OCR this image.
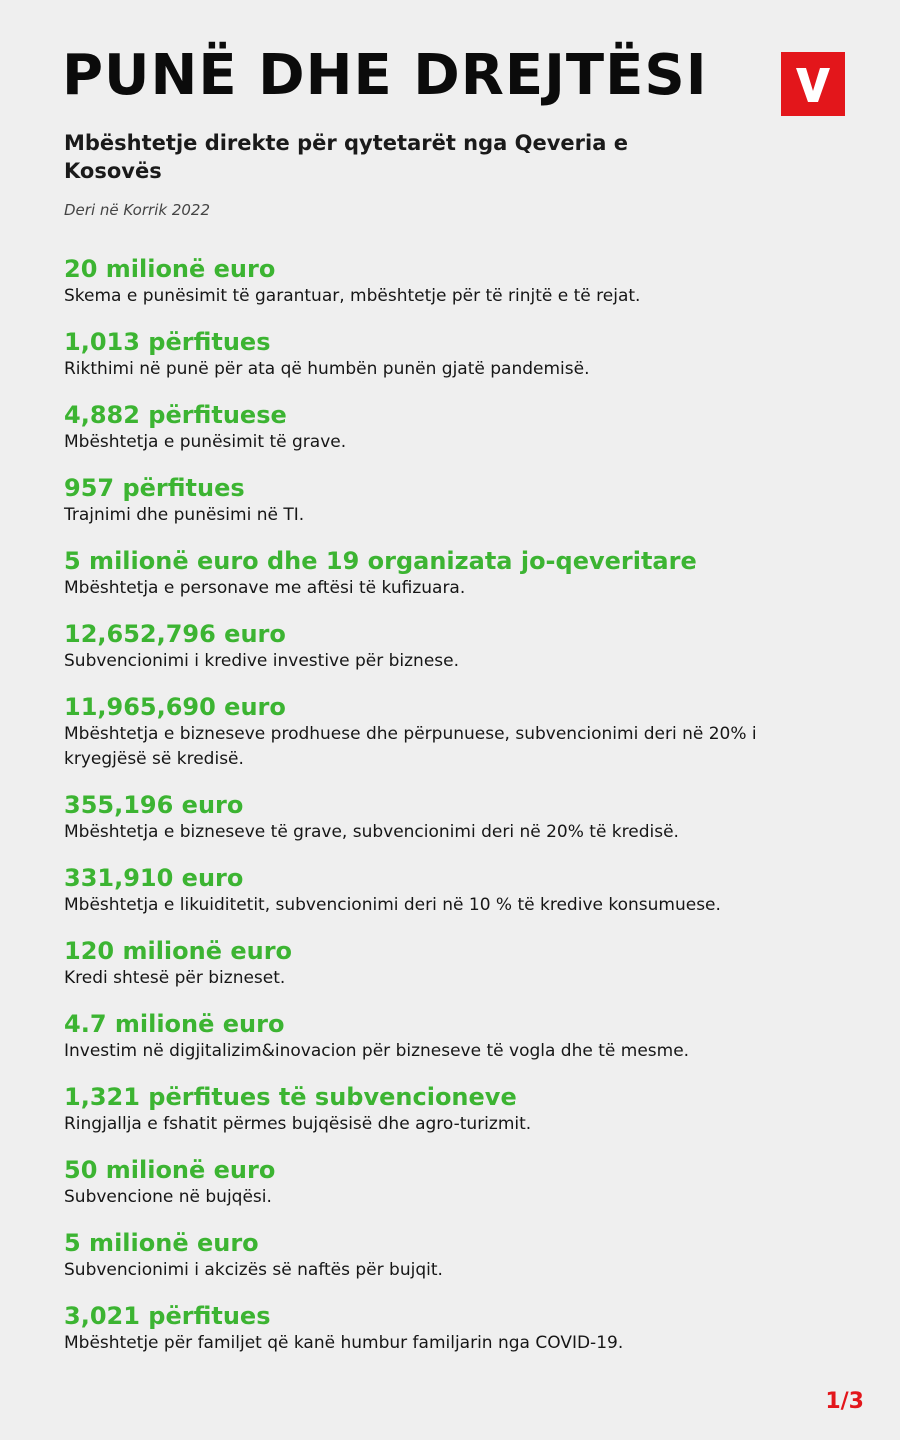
PUNË DHE DREJTËSI
Mbështetje direkte për qytetarët nga Qeveria e Kosovës
Deri në Korrik 2022
20 milionë euro
Skema e punësimit të garantuar, mbështetje për të rinjtë e të rejat.
1,013 përfitues
Rikthimi në punë për ata që humbën punën gjatë pandemisë.
4,882 përfituese
Mbështetja e punësimit të grave.
957 përfitues
Trajnimi dhe punësimi në TI.
5 milionë euro dhe 19 organizata jo-qeveritare
Mbështetja e personave me aftësi të kufizuara.
12,652,796 euro
Subvencionimi i kredive investive për biznese.
11,965,690 euro
Mbështetja e bizneseve prodhuese dhe përpunuese, subvencionimi deri në 20% i kryegjësë së kredisë.
355,196 euro
Mbështetja e bizneseve të grave, subvencionimi deri në 20% të kredisë.
331,910 euro
Mbështetja e likuiditetit, subvencionimi deri në 10 % të kredive konsumuese.
120 milionë euro
Kredi shtesë për bizneset.
4.7 milionë euro
Investim në digjitalizim&inovacion për bizneseve të vogla dhe të mesme.
1,321 përfitues të subvencioneve
Ringjallja e fshatit përmes bujqësisë dhe agro-turizmit.
50 milionë euro
Subvencione në bujqësi.
5 milionë euro
Subvencionimi i akcizës së naftës për bujqit.
3,021 përfitues
Mbështetje për familjet që kanë humbur familjarin nga COVID-19.
1/3
